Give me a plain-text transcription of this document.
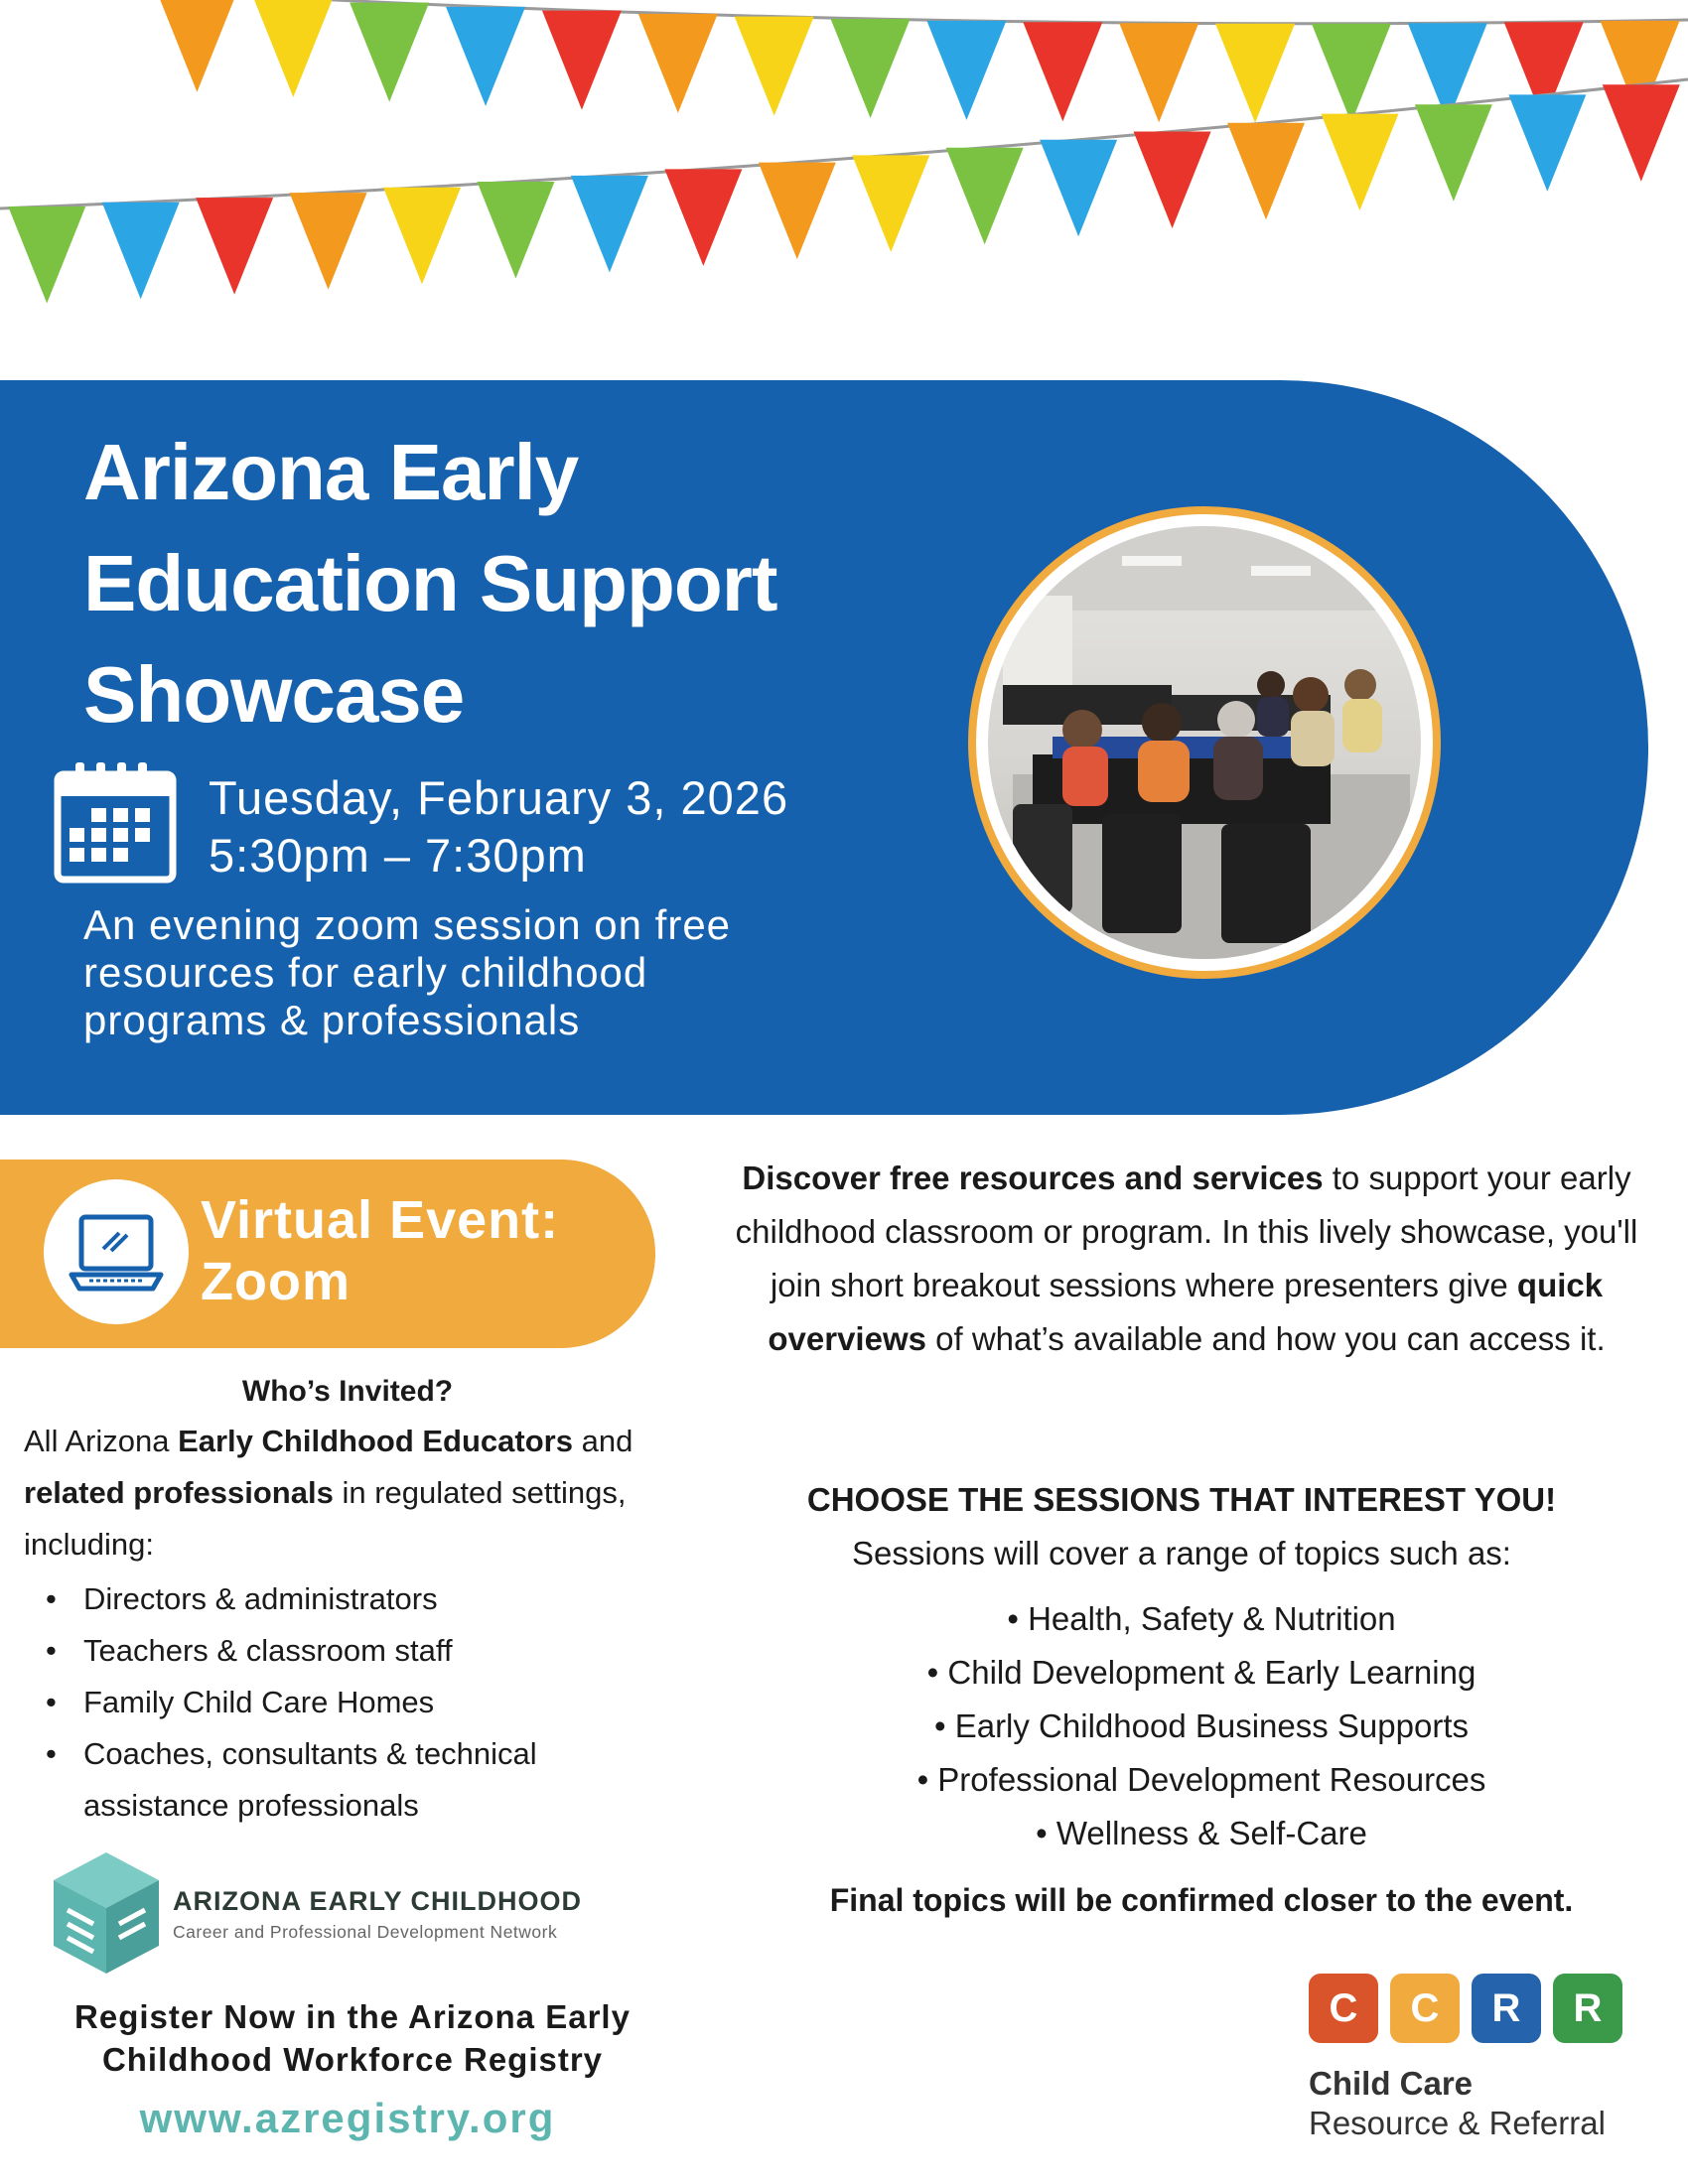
Arizona Early
Education Support
Showcase
Tuesday, February 3, 2026
5:30pm – 7:30pm
An evening zoom session on free
resources for early childhood
programs & professionals
Virtual Event:
Zoom
Who’s Invited?
All Arizona Early Childhood Educators and related professionals in regulated settings, including:
• Directors & administrators
• Teachers & classroom staff
• Family Child Care Homes
• Coaches, consultants & technical assistance professionals
ARIZONA EARLY CHILDHOOD
Career and Professional Development Network
Register Now in the Arizona Early
Childhood Workforce Registry
www.azregistry.org
Discover free resources and services to support your early childhood classroom or program. In this lively showcase, you'll join short breakout sessions where presenters give quick overviews of what’s available and how you can access it.
CHOOSE THE SESSIONS THAT INTEREST YOU!
Sessions will cover a range of topics such as:
• Health, Safety & Nutrition
• Child Development & Early Learning
• Early Childhood Business Supports
• Professional Development Resources
• Wellness & Self-Care
Final topics will be confirmed closer to the event.
C	C	R	R
Child Care
Resource & Referral
